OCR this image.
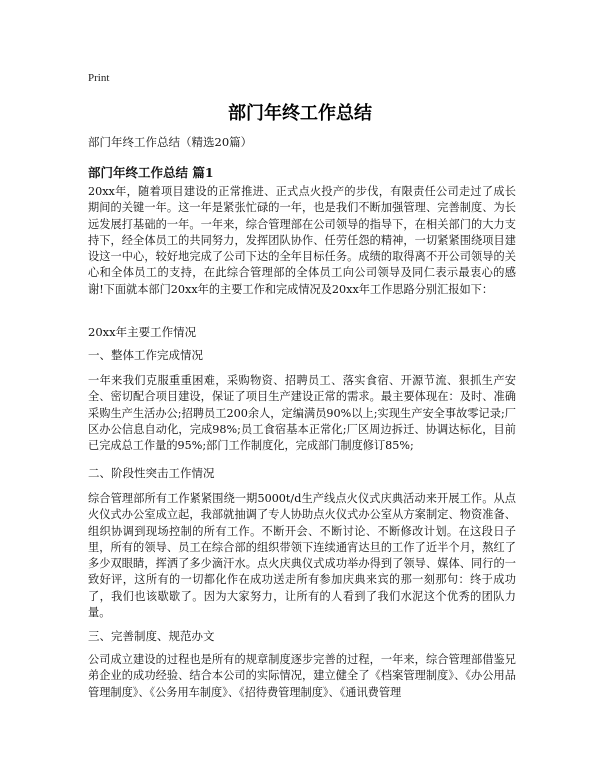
Print
部门年终工作总结
部门年终工作总结（精选20篇）
部门年终工作总结 篇1
20xx年，随着项目建设的正常推进、正式点火投产的步伐，有限责任公司走过了成长期间的关键一年。这一年是紧张忙碌的一年，也是我们不断加强管理、完善制度、为长远发展打基础的一年。一年来，综合管理部在公司领导的指导下，在相关部门的大力支持下，经全体员工的共同努力，发挥团队协作、任劳任怨的精神，一切紧紧围绕项目建设这一中心，较好地完成了公司下达的全年目标任务。成绩的取得离不开公司领导的关心和全体员工的支持，在此综合管理部的全体员工向公司领导及同仁表示最衷心的感谢!下面就本部门20xx年的主要工作和完成情况及20xx年工作思路分别汇报如下：
20xx年主要工作情况
一、整体工作完成情况
一年来我们克服重重困难，采购物资、招聘员工、落实食宿、开源节流、狠抓生产安全、密切配合项目建设，保证了项目生产建设正常的需求。最主要体现在：及时、准确采购生产生活办公;招聘员工200余人，定编满员90%以上;实现生产安全事故零记录;厂区办公信息自动化，完成98%;员工食宿基本正常化;厂区周边拆迁、协调达标化，目前已完成总工作量的95%;部门工作制度化，完成部门制度修订85%;
二、阶段性突击工作情况
综合管理部所有工作紧紧围绕一期5000t/d生产线点火仪式庆典活动来开展工作。从点火仪式办公室成立起，我部就抽调了专人协助点火仪式办公室从方案制定、物资准备、组织协调到现场控制的所有工作。不断开会、不断讨论、不断修改计划。在这段日子里，所有的领导、员工在综合部的组织带领下连续通宵达旦的工作了近半个月，熬红了多少双眼睛，挥洒了多少滴汗水。点火庆典仪式成功举办得到了领导、媒体、同行的一致好评，这所有的一切都化作在成功送走所有参加庆典来宾的那一刻那句：终于成功了，我们也该歇歇了。因为大家努力，让所有的人看到了我们水泥这个优秀的团队力量。
三、完善制度、规范办文
公司成立建设的过程也是所有的规章制度逐步完善的过程，一年来，综合管理部借鉴兄弟企业的成功经验、结合本公司的实际情况，建立健全了《档案管理制度》、《办公用品管理制度》、《公务用车制度》、《招待费管理制度》、《通讯费管理
